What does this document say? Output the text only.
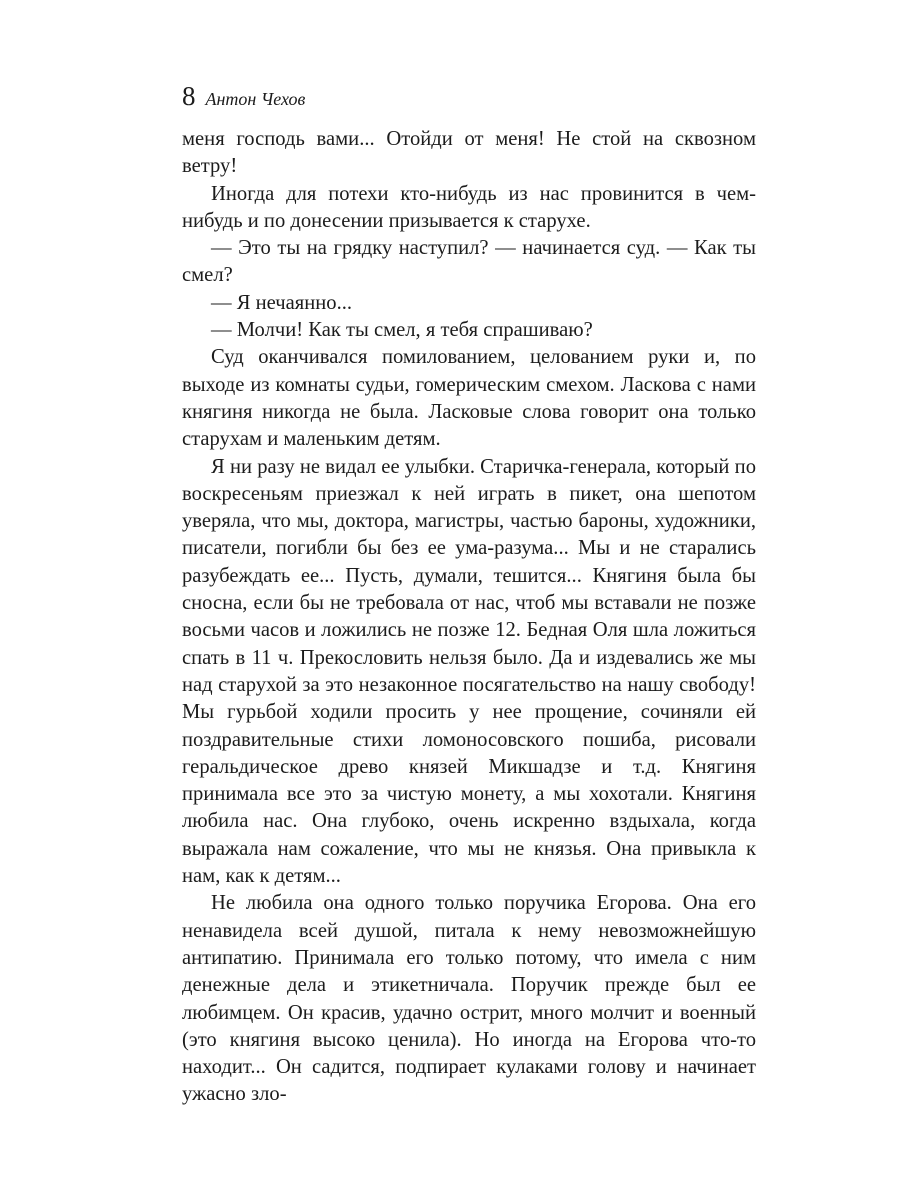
8 Антон Чехов

меня господь вами... Отойди от меня! Не стой на сквозном ветру!

Иногда для потехи кто-нибудь из нас провинится в чем-нибудь и по донесении призывается к старухе.

— Это ты на грядку наступил? — начинается суд. — Как ты смел?

— Я нечаянно...

— Молчи! Как ты смел, я тебя спрашиваю?

Суд оканчивался помилованием, целованием руки и, по выходе из комнаты судьи, гомерическим смехом. Ласкова с нами княгиня никогда не была. Ласковые слова говорит она только старухам и маленьким детям.

Я ни разу не видал ее улыбки. Старичка-генерала, который по воскресеньям приезжал к ней играть в пикет, она шепотом уверяла, что мы, доктора, магистры, частью бароны, художники, писатели, погибли бы без ее ума-разума... Мы и не старались разубеждать ее... Пусть, думали, тешится... Княгиня была бы сносна, если бы не требовала от нас, чтоб мы вставали не позже восьми часов и ложились не позже 12. Бедная Оля шла ложиться спать в 11 ч. Прекословить нельзя было. Да и издевались же мы над старухой за это незаконное посягательство на нашу свободу! Мы гурьбой ходили просить у нее прощение, сочиняли ей поздравительные стихи ломоносовского пошиба, рисовали геральдическое древо князей Микшадзе и т.д. Княгиня принимала все это за чистую монету, а мы хохотали. Княгиня любила нас. Она глубоко, очень искренно вздыхала, когда выражала нам сожаление, что мы не князья. Она привыкла к нам, как к детям...

Не любила она одного только поручика Егорова. Она его ненавидела всей душой, питала к нему невозможнейшую антипатию. Принимала его только потому, что имела с ним денежные дела и этикетничала. Поручик прежде был ее любимцем. Он красив, удачно острит, много молчит и военный (это княгиня высоко ценила). Но иногда на Егорова что-то находит... Он садится, подпирает кулаками голову и начинает ужасно зло-
